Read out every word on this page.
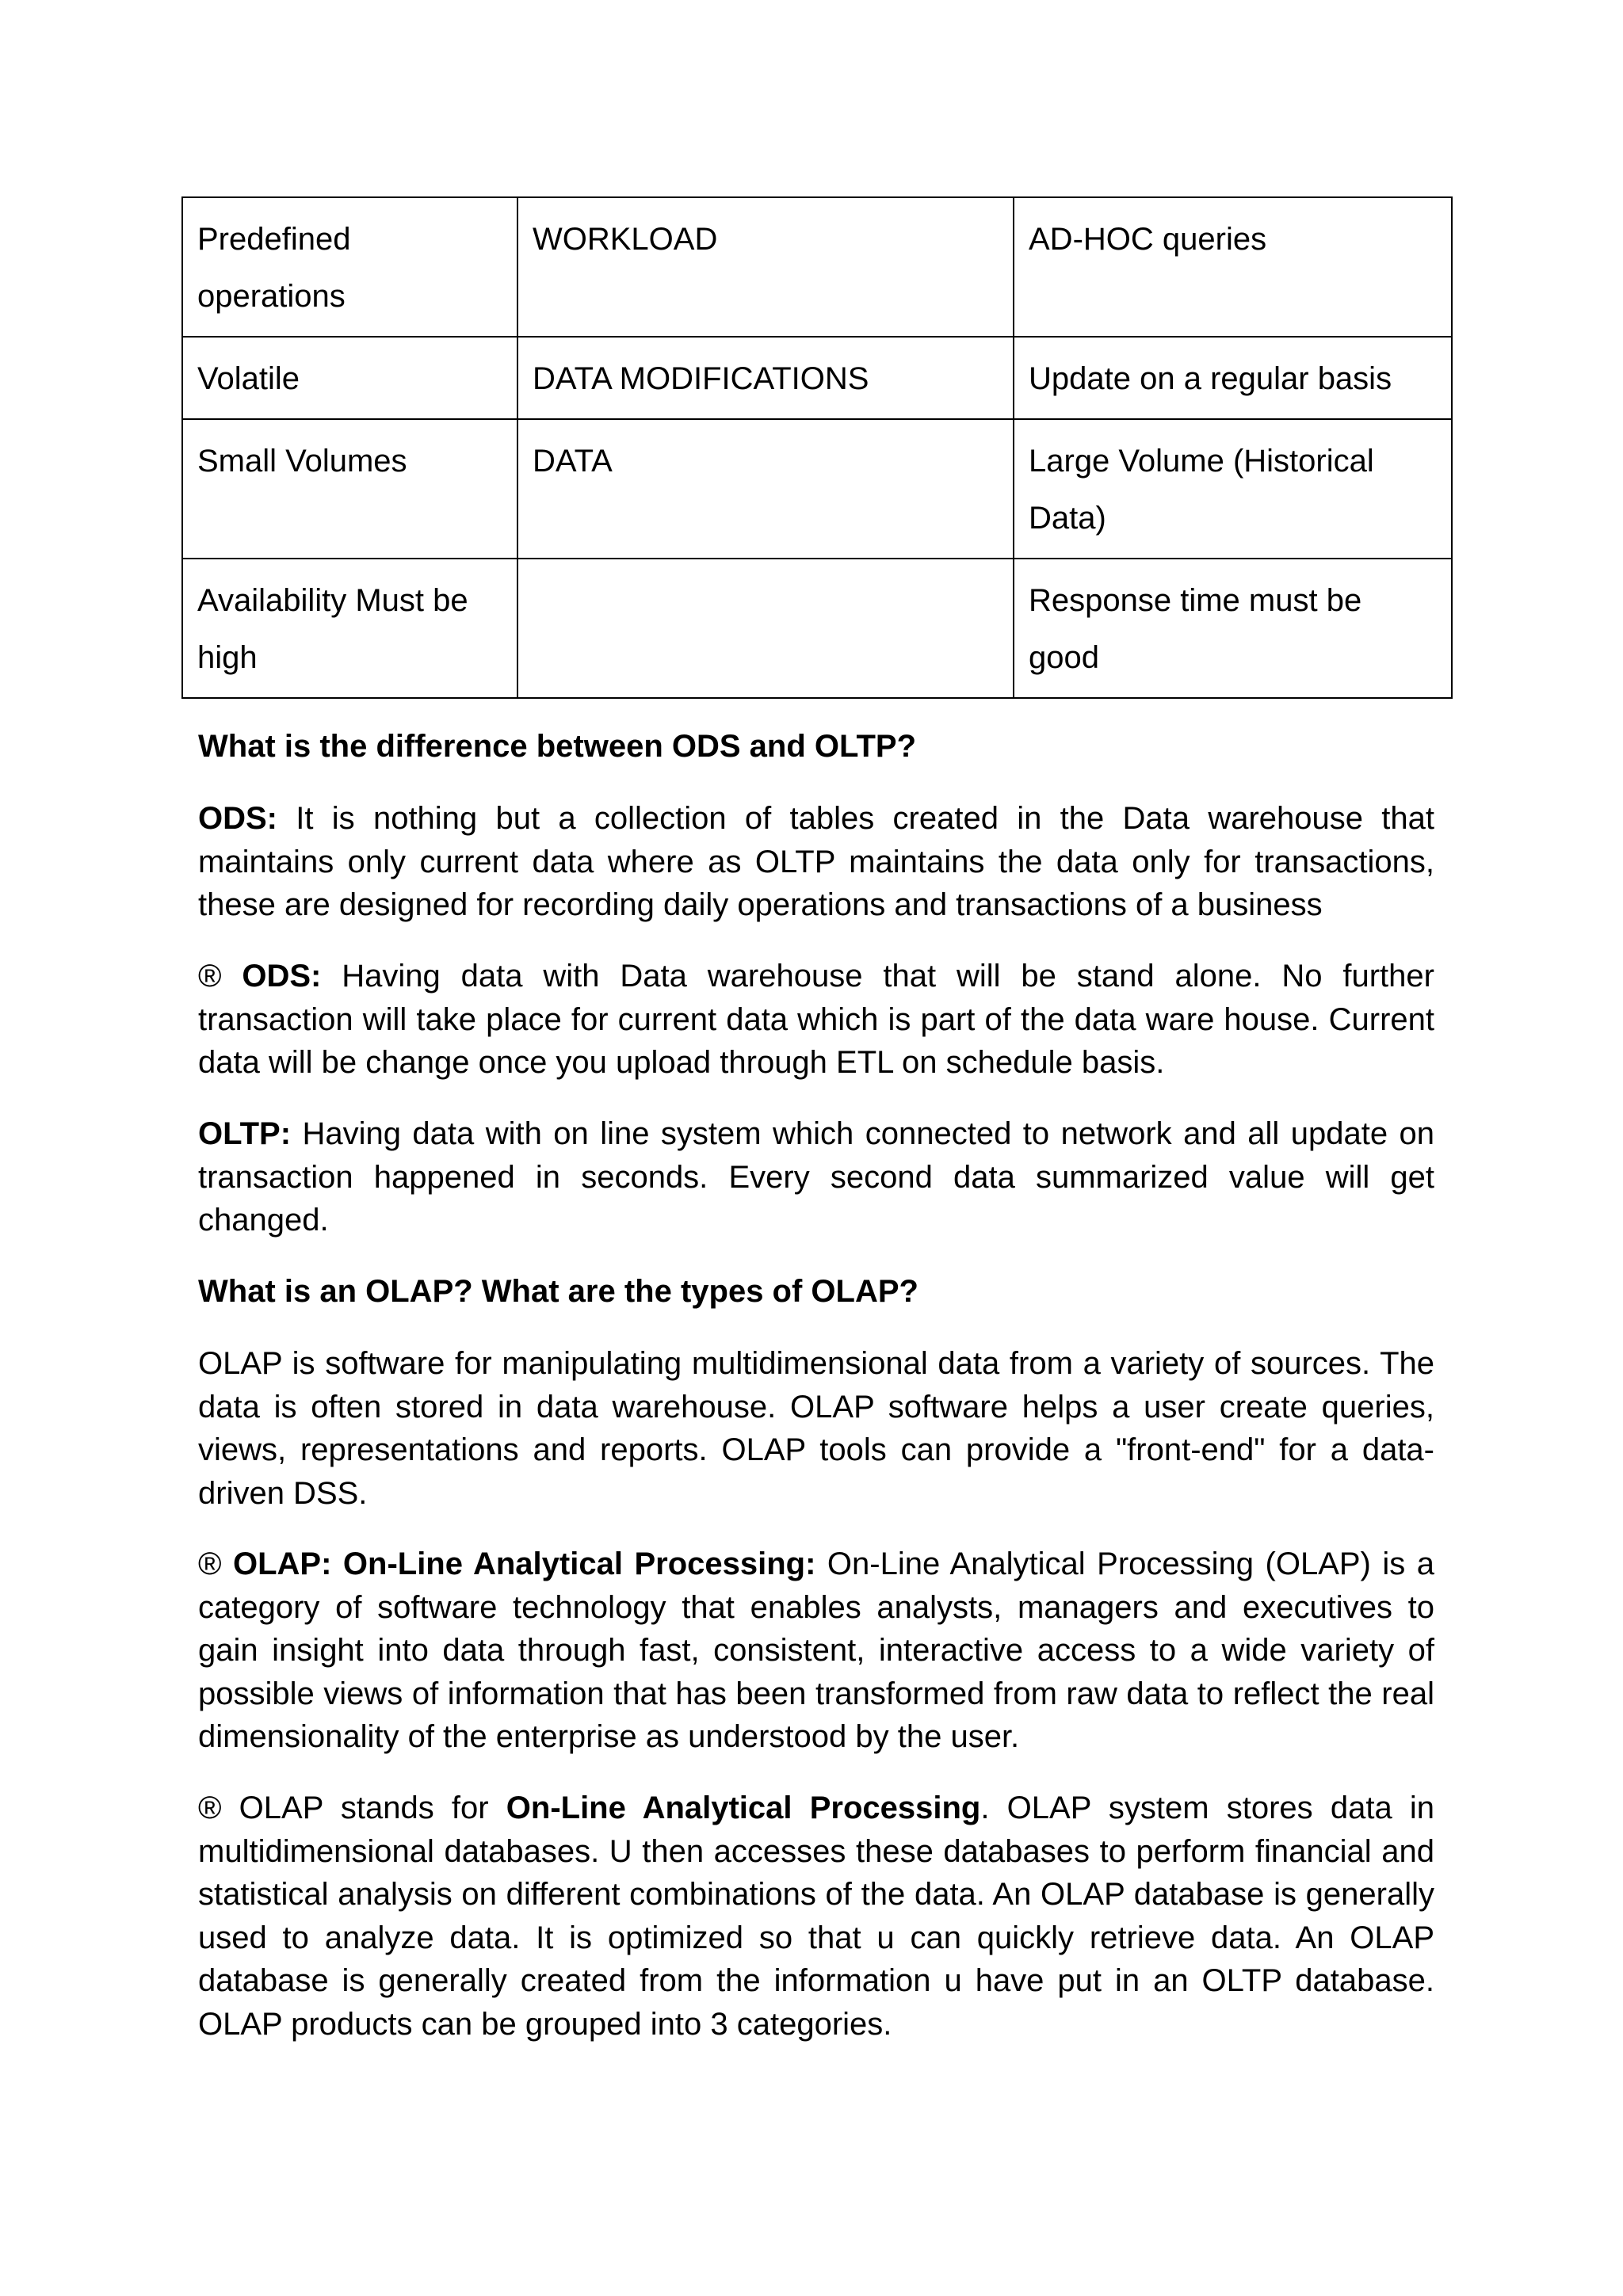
Predefined operations	WORKLOAD	AD-HOC queries
Volatile	DATA MODIFICATIONS	Update on a regular basis
Small Volumes	DATA	Large Volume (Historical Data)
Availability Must be high		Response time must be good

What is the difference between ODS and OLTP?

ODS: It is nothing but a collection of tables created in the Data warehouse that maintains only current data where as OLTP maintains the data only for transactions, these are designed for recording daily operations and transactions of a business

® ODS: Having data with Data warehouse that will be stand alone. No further transaction will take place for current data which is part of the data ware house. Current data will be change once you upload through ETL on schedule basis.

OLTP: Having data with on line system which connected to network and all update on transaction happened in seconds. Every second data summarized value will get changed.

What is an OLAP? What are the types of OLAP?

OLAP is software for manipulating multidimensional data from a variety of sources. The data is often stored in data warehouse. OLAP software helps a user create queries, views, representations and reports. OLAP tools can provide a "front-end" for a data-driven DSS.

® OLAP: On-Line Analytical Processing: On-Line Analytical Processing (OLAP) is a category of software technology that enables analysts, managers and executives to gain insight into data through fast, consistent, interactive access to a wide variety of possible views of information that has been transformed from raw data to reflect the real dimensionality of the enterprise as understood by the user.

® OLAP stands for On-Line Analytical Processing. OLAP system stores data in multidimensional databases. U then accesses these databases to perform financial and statistical analysis on different combinations of the data. An OLAP database is generally used to analyze data. It is optimized so that u can quickly retrieve data. An OLAP database is generally created from the information u have put in an OLTP database. OLAP products can be grouped into 3 categories.
